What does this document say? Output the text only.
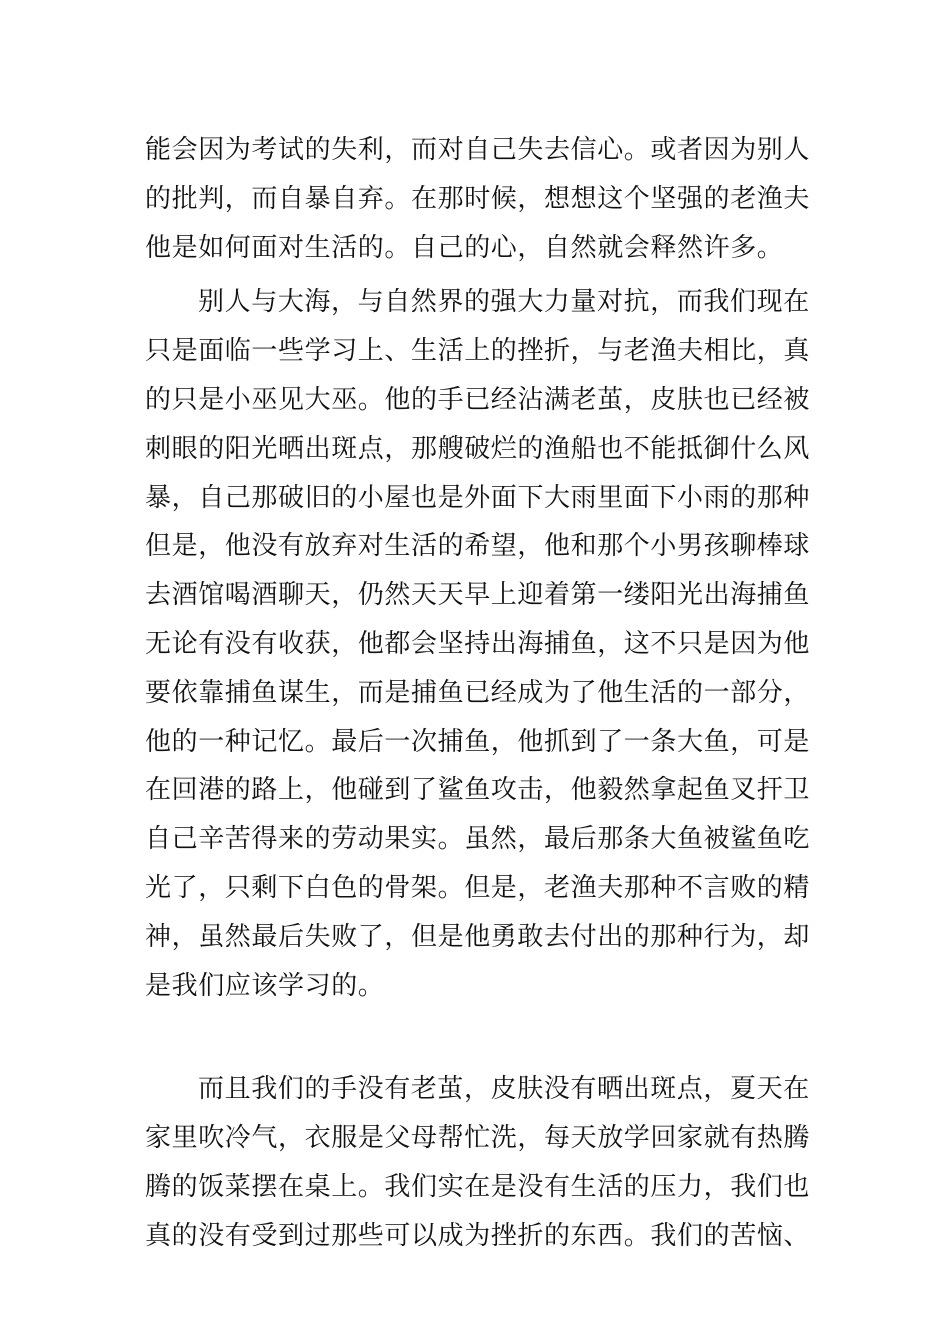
能会因为考试的失利，而对自己失去信心。或者因为别人
的批判，而自暴自弃。在那时候，想想这个坚强的老渔夫
他是如何面对生活的。自己的心，自然就会释然许多。
别人与大海，与自然界的强大力量对抗，而我们现在
只是面临一些学习上、生活上的挫折，与老渔夫相比，真
的只是小巫见大巫。他的手已经沾满老茧，皮肤也已经被
刺眼的阳光晒出斑点，那艘破烂的渔船也不能抵御什么风
暴，自己那破旧的小屋也是外面下大雨里面下小雨的那种
但是，他没有放弃对生活的希望，他和那个小男孩聊棒球
去酒馆喝酒聊天，仍然天天早上迎着第一缕阳光出海捕鱼
无论有没有收获，他都会坚持出海捕鱼，这不只是因为他
要依靠捕鱼谋生，而是捕鱼已经成为了他生活的一部分，
他的一种记忆。最后一次捕鱼，他抓到了一条大鱼，可是
在回港的路上，他碰到了鲨鱼攻击，他毅然拿起鱼叉扞卫
自己辛苦得来的劳动果实。虽然，最后那条大鱼被鲨鱼吃
光了，只剩下白色的骨架。但是，老渔夫那种不言败的精
神，虽然最后失败了，但是他勇敢去付出的那种行为，却
是我们应该学习的。
而且我们的手没有老茧，皮肤没有晒出斑点，夏天在
家里吹冷气，衣服是父母帮忙洗，每天放学回家就有热腾
腾的饭菜摆在桌上。我们实在是没有生活的压力，我们也
真的没有受到过那些可以成为挫折的东西。我们的苦恼、
